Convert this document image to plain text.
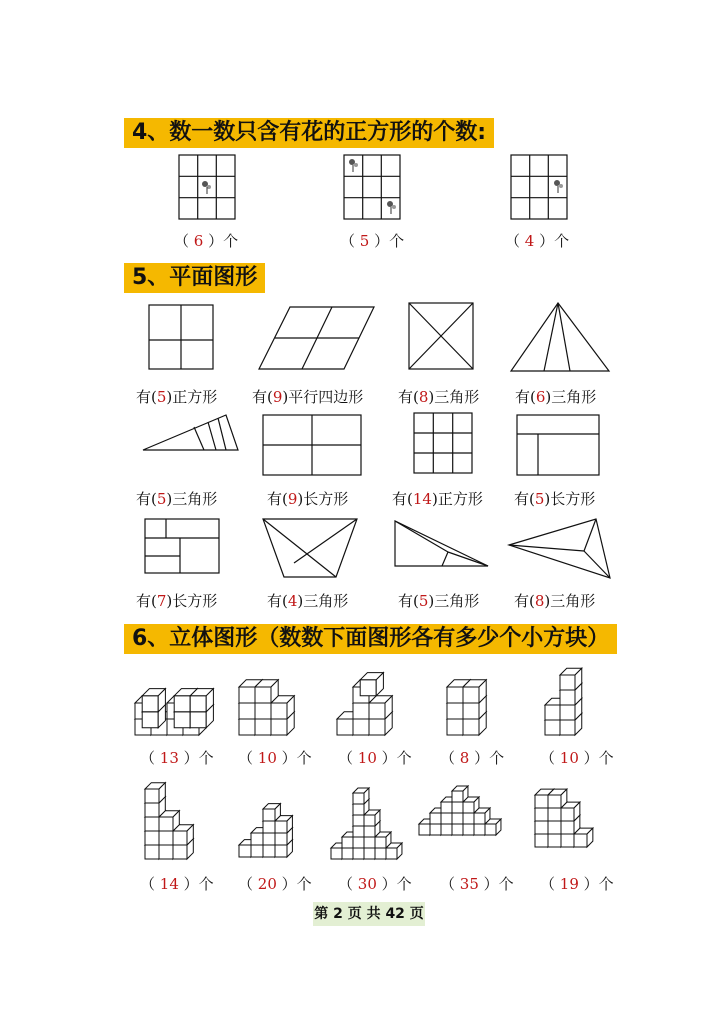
4、数一数只含有花的正方形的个数:
（ 6 ）个	（ 5 ）个	（ 4 ）个
5、平面图形
有(5)正方形 有(9)平行四边形 有(8)三角形 有(6)三角形
有(5)三角形	有(9)长方形	有(14)正方形 有(5)长方形
有(7)长方形	有(4)三角形	有(5)三角形 有(8)三角形
6、立体图形（数数下面图形各有多少个小方块）
（ 13 ）个 （ 10 ）个 （ 10 ）个 （ 8 ）个 （ 10 ）个
（ 14 ）个 （ 20 ）个 （ 30 ）个 （ 35 ）个 （ 19 ）个
第 2 页 共 42 页
